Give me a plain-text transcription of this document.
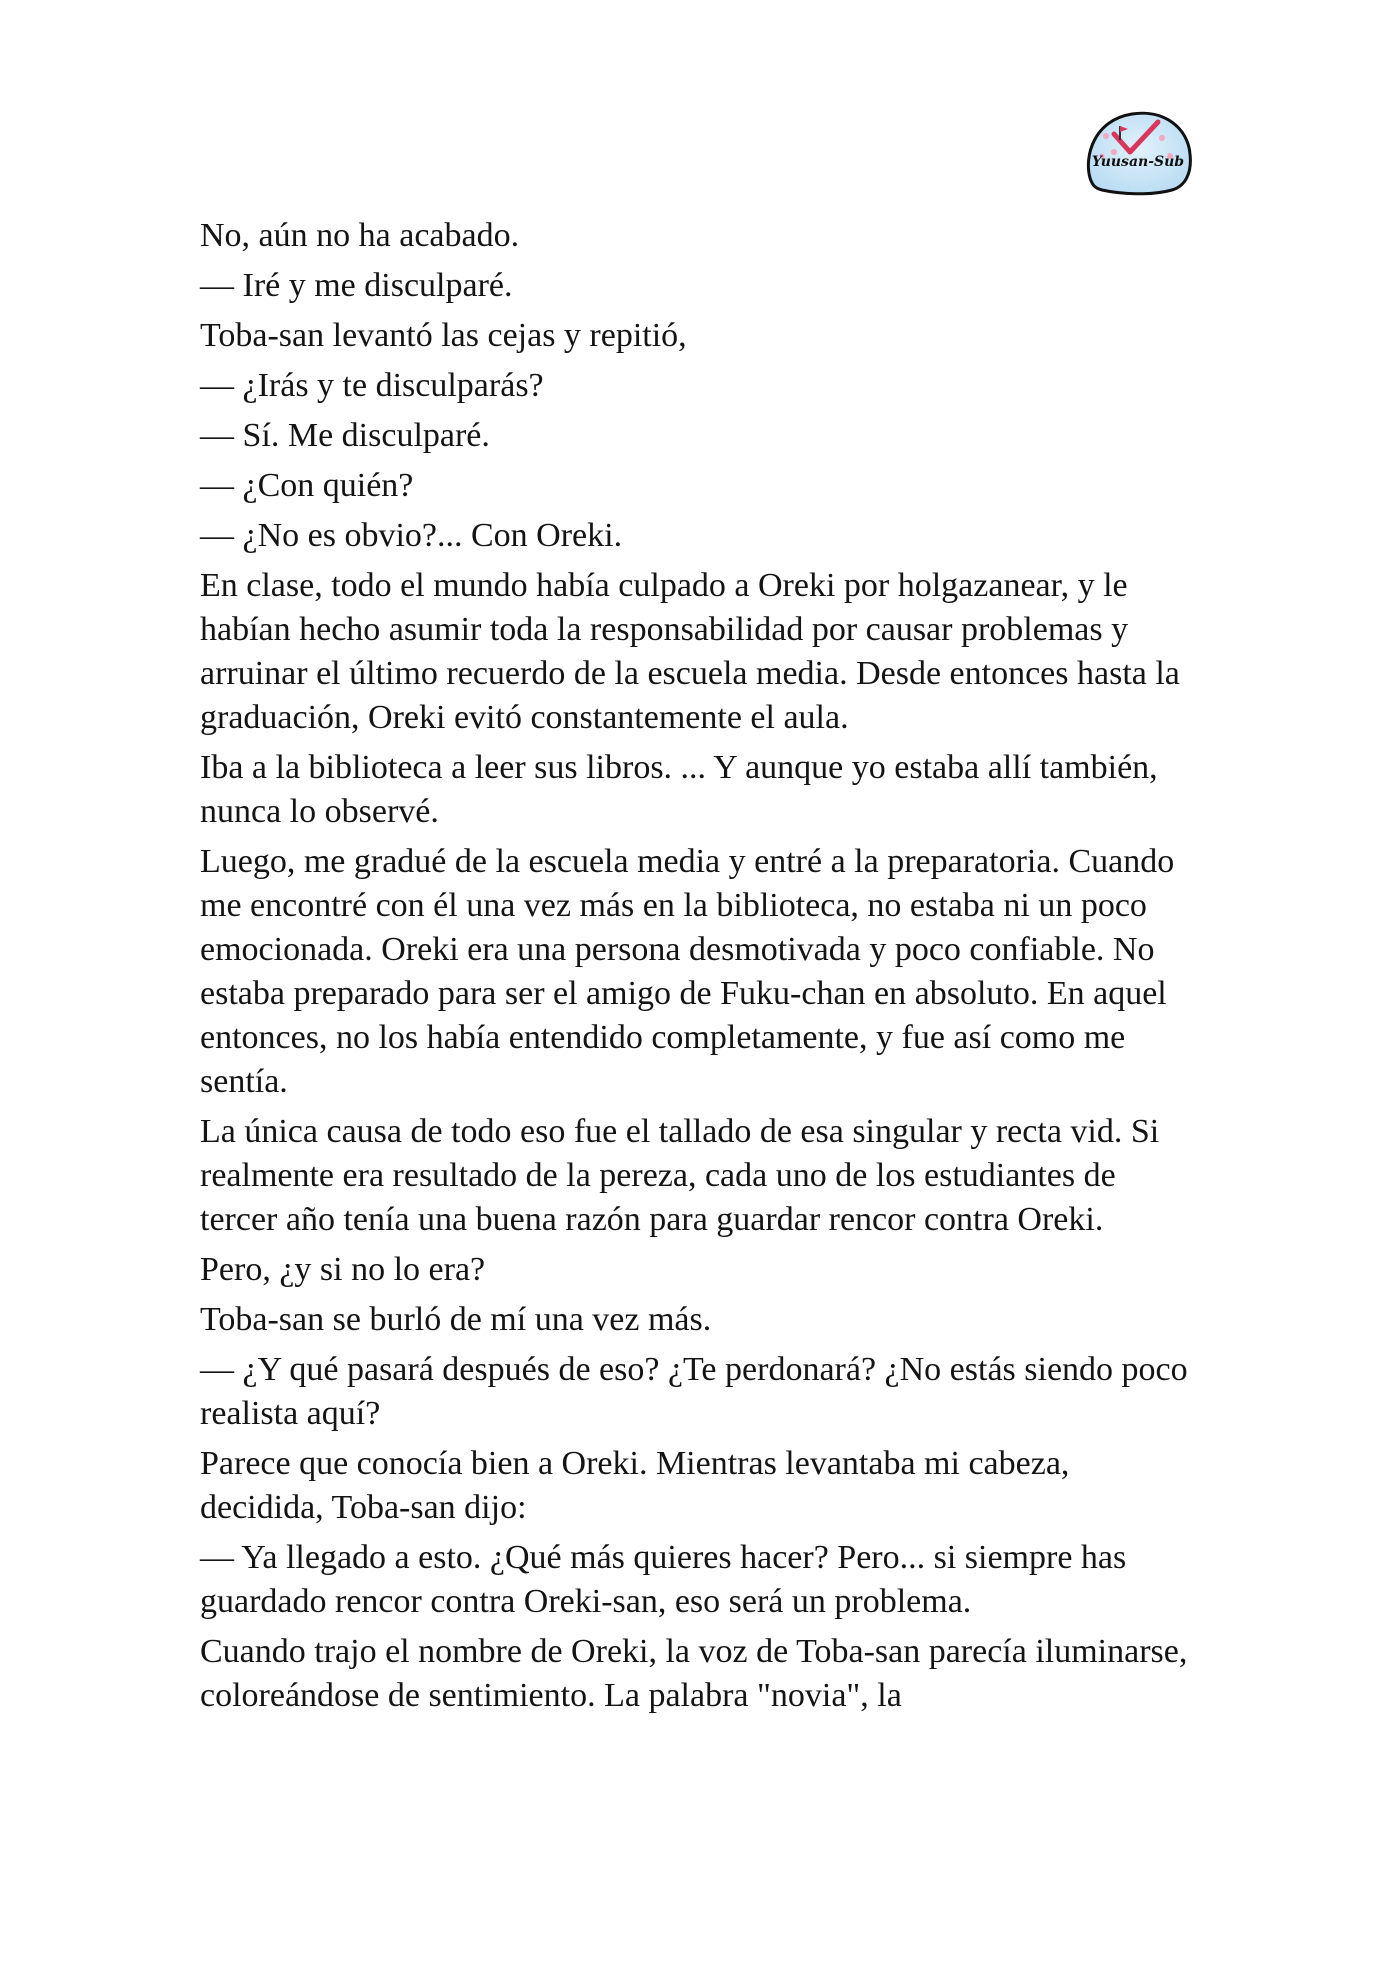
Yuusan-Sub

No, aún no ha acabado.

— Iré y me disculparé.

Toba-san levantó las cejas y repitió,

— ¿Irás y te disculparás?

— Sí. Me disculparé.

— ¿Con quién?

— ¿No es obvio?... Con Oreki.

En clase, todo el mundo había culpado a Oreki por holgazanear, y le habían hecho asumir toda la responsabilidad por causar problemas y arruinar el último recuerdo de la escuela media. Desde entonces hasta la graduación, Oreki evitó constantemente el aula.

Iba a la biblioteca a leer sus libros. ... Y aunque yo estaba allí también, nunca lo observé.

Luego, me gradué de la escuela media y entré a la preparatoria. Cuando me encontré con él una vez más en la biblioteca, no estaba ni un poco emocionada. Oreki era una persona desmotivada y poco confiable. No estaba preparado para ser el amigo de Fuku-chan en absoluto. En aquel entonces, no los había entendido completamente, y fue así como me sentía.

La única causa de todo eso fue el tallado de esa singular y recta vid. Si realmente era resultado de la pereza, cada uno de los estudiantes de tercer año tenía una buena razón para guardar rencor contra Oreki.

Pero, ¿y si no lo era?

Toba-san se burló de mí una vez más.

— ¿Y qué pasará después de eso? ¿Te perdonará? ¿No estás siendo poco realista aquí?

Parece que conocía bien a Oreki. Mientras levantaba mi cabeza, decidida, Toba-san dijo:

— Ya llegado a esto. ¿Qué más quieres hacer? Pero... si siempre has guardado rencor contra Oreki-san, eso será un problema.

Cuando trajo el nombre de Oreki, la voz de Toba-san parecía iluminarse, coloreándose de sentimiento. La palabra "novia", la
